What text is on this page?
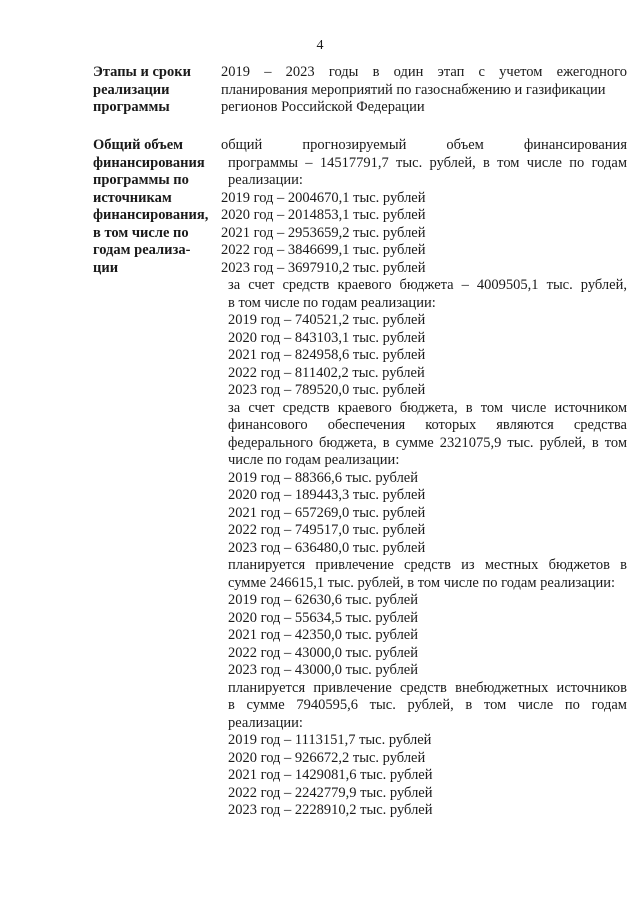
4
Этапы и сроки
реализации
программы
2019 – 2023 годы в один этап с учетом ежегодного
планирования мероприятий по газоснабжению и газификации
регионов Российской Федерации
Общий объем
финансирования
программы по
источникам
финансирования,
в том числе по
годам реализа-
ции
общий прогнозируемый объем финансирования
программы – 14517791,7 тыс. рублей, в том числе по годам
реализации:
2019 год – 2004670,1 тыс. рублей
2020 год – 2014853,1 тыс. рублей
2021 год – 2953659,2 тыс. рублей
2022 год – 3846699,1 тыс. рублей
2023 год – 3697910,2 тыс. рублей
за счет средств краевого бюджета – 4009505,1 тыс. рублей,
в том числе по годам реализации:
2019 год – 740521,2 тыс. рублей
2020 год – 843103,1 тыс. рублей
2021 год – 824958,6 тыс. рублей
2022 год – 811402,2 тыс. рублей
2023 год – 789520,0 тыс. рублей
за счет средств краевого бюджета, в том числе источником
финансового обеспечения которых являются средства
федерального бюджета, в сумме 2321075,9 тыс. рублей, в том
числе по годам реализации:
2019 год – 88366,6 тыс. рублей
2020 год – 189443,3 тыс. рублей
2021 год – 657269,0 тыс. рублей
2022 год – 749517,0 тыс. рублей
2023 год – 636480,0 тыс. рублей
планируется привлечение средств из местных бюджетов в
сумме 246615,1 тыс. рублей, в том числе по годам реализации:
2019 год – 62630,6 тыс. рублей
2020 год – 55634,5 тыс. рублей
2021 год – 42350,0 тыс. рублей
2022 год – 43000,0 тыс. рублей
2023 год – 43000,0 тыс. рублей
планируется привлечение средств внебюджетных источников
в сумме 7940595,6 тыс. рублей, в том числе по годам
реализации:
2019 год – 1113151,7 тыс. рублей
2020 год – 926672,2 тыс. рублей
2021 год – 1429081,6 тыс. рублей
2022 год – 2242779,9 тыс. рублей
2023 год – 2228910,2 тыс. рублей
